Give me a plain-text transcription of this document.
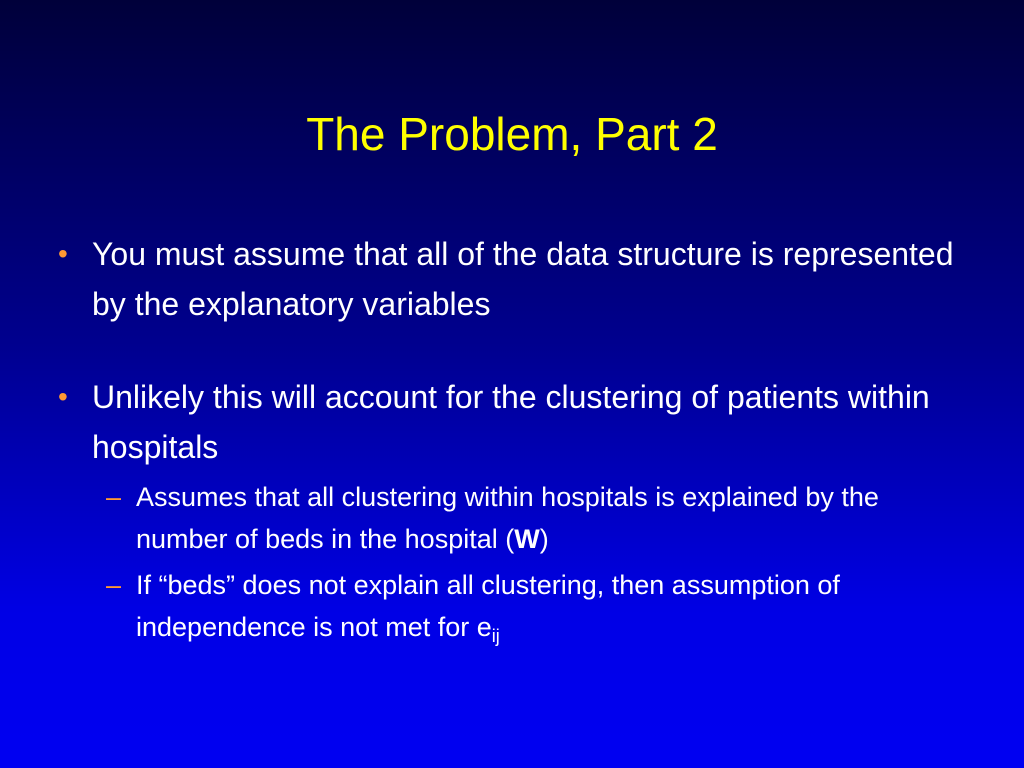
The Problem, Part 2
• You must assume that all of the data structure is represented by the explanatory variables
• Unlikely this will account for the clustering of patients within hospitals
– Assumes that all clustering within hospitals is explained by the number of beds in the hospital (W)
– If “beds” does not explain all clustering, then assumption of independence is not met for $e_{ij}$
